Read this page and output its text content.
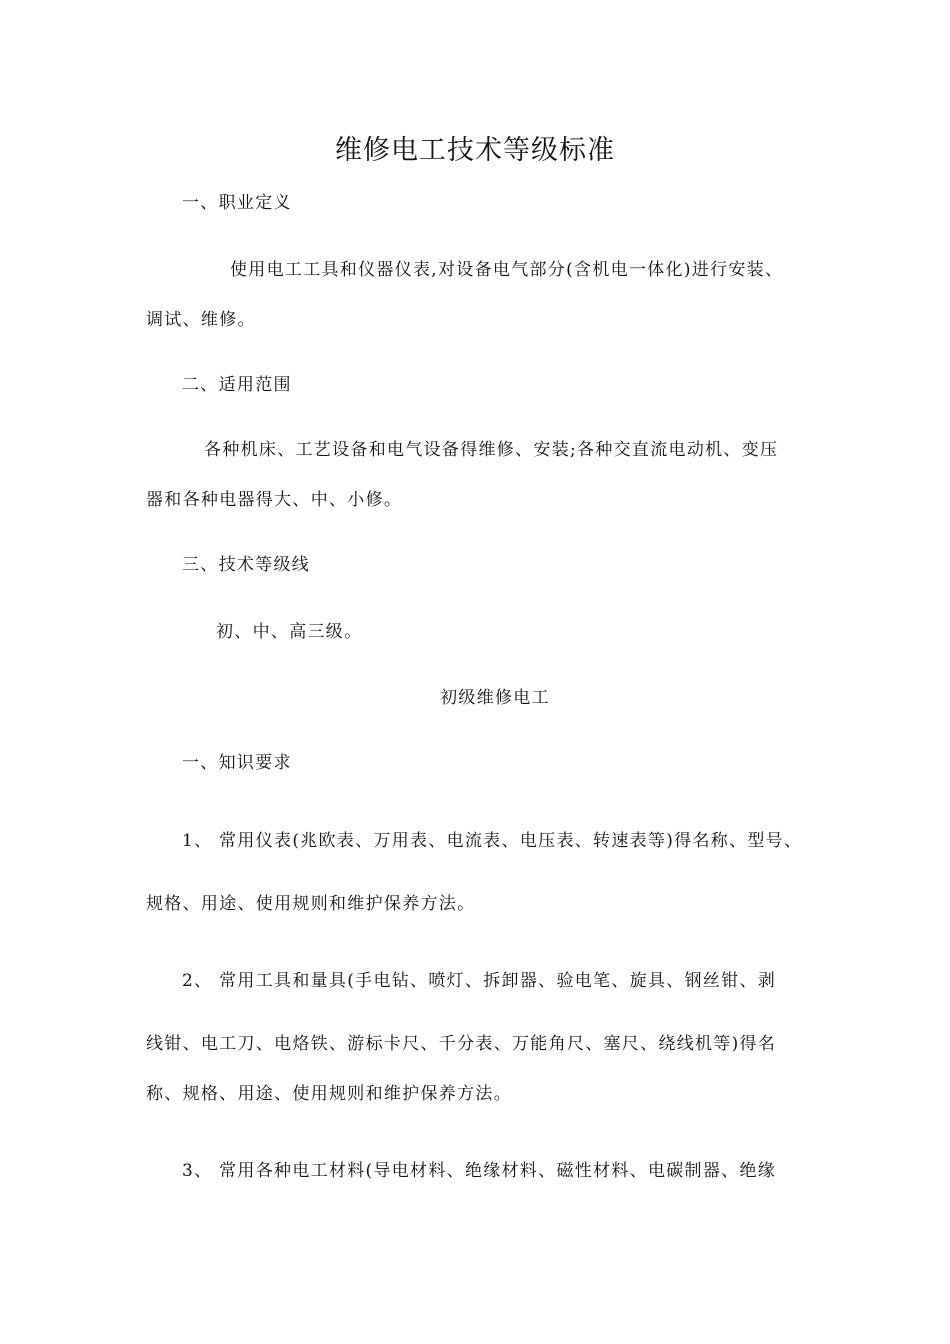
维修电工技术等级标准
一、职业定义
使用电工工具和仪器仪表,对设备电气部分(含机电一体化)进行安装、
调试、维修。
二、适用范围
各种机床、工艺设备和电气设备得维修、安装;各种交直流电动机、变压
器和各种电器得大、中、小修。
三、技术等级线
初、中、高三级。
初级维修电工
一、知识要求
1、 常用仪表(兆欧表、万用表、电流表、电压表、转速表等)得名称、型号、
规格、用途、使用规则和维护保养方法。
2、 常用工具和量具(手电钻、喷灯、拆卸器、验电笔、旋具、钢丝钳、剥
线钳、电工刀、电烙铁、游标卡尺、千分表、万能角尺、塞尺、绕线机等)得名
称、规格、用途、使用规则和维护保养方法。
3、 常用各种电工材料(导电材料、绝缘材料、磁性材料、电碳制器、绝缘
